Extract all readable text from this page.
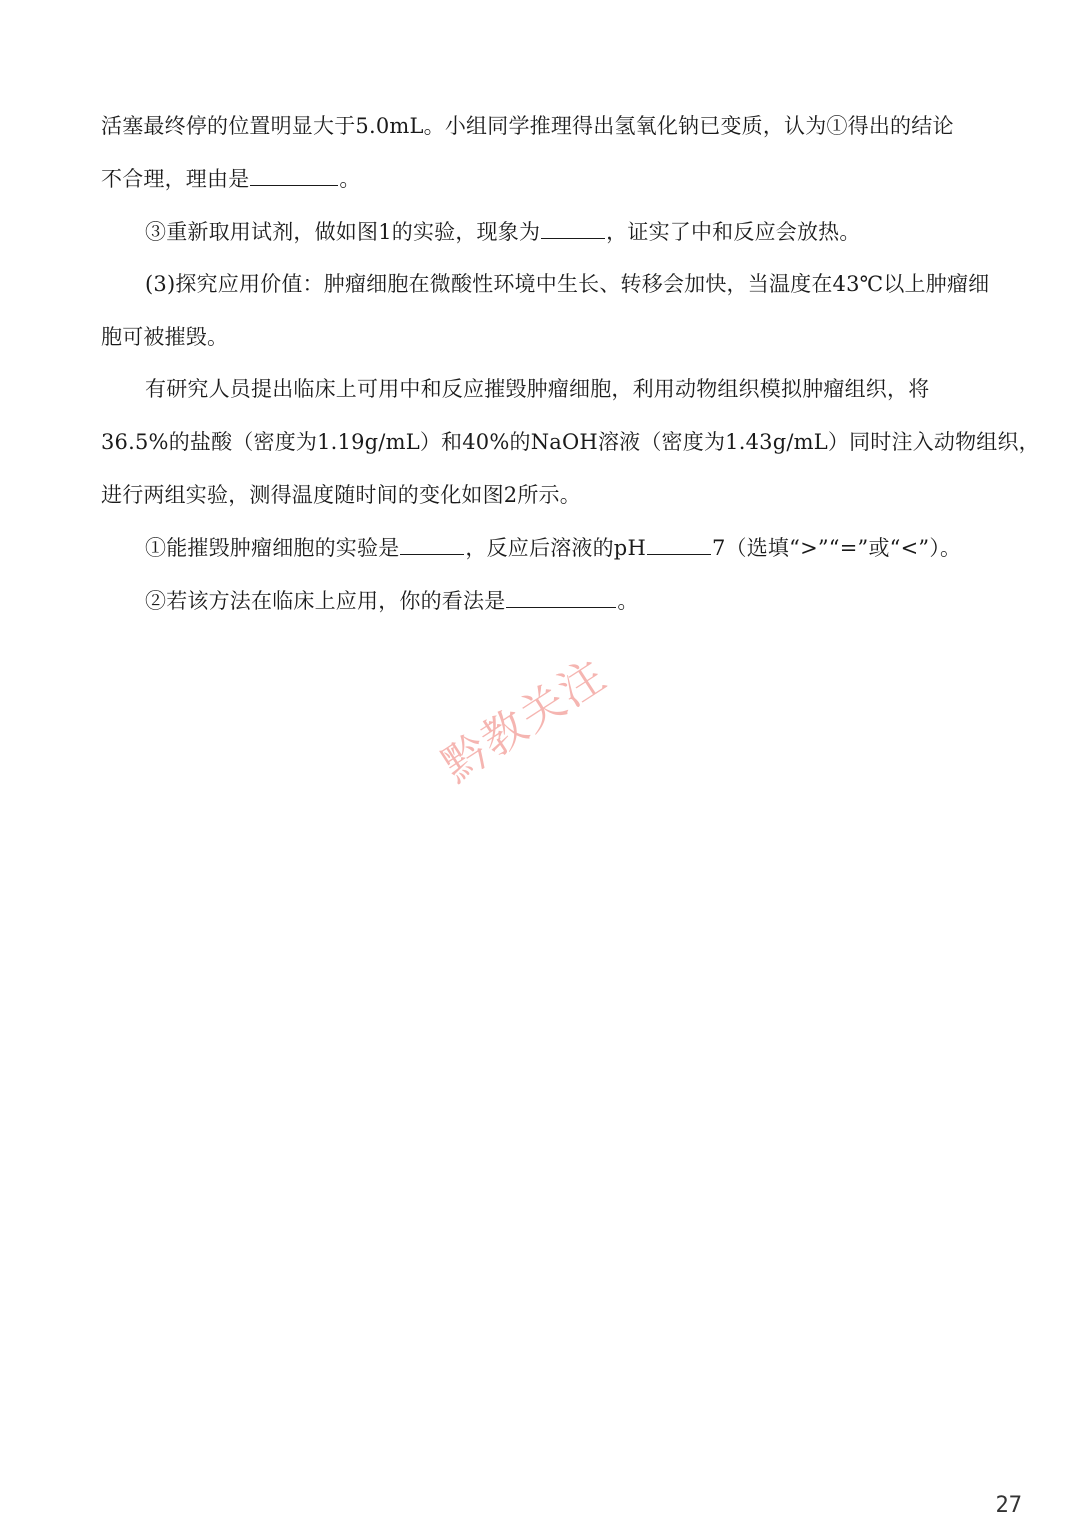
活塞最终停的位置明显大于5.0mL。小组同学推理得出氢氧化钠已变质，认为①得出的结论
不合理，理由是	。
③重新取用试剂，做如图1的实验，现象为	，证实了中和反应会放热。
(3)探究应用价值：肿瘤细胞在微酸性环境中生长、转移会加快，当温度在43℃以上肿瘤细
胞可被摧毁。
有研究人员提出临床上可用中和反应摧毁肿瘤细胞，利用动物组织模拟肿瘤组织，将
36.5%的盐酸（密度为1.19g/mL）和40%的NaOH溶液（密度为1.43g/mL）同时注入动物组织，
进行两组实验，测得温度随时间的变化如图2所示。
①能摧毁肿瘤细胞的实验是	，反应后溶液的pH	7（选填“>”“=”或“<”）。
②若该方法在临床上应用，你的看法是	。
黔教关注
27
